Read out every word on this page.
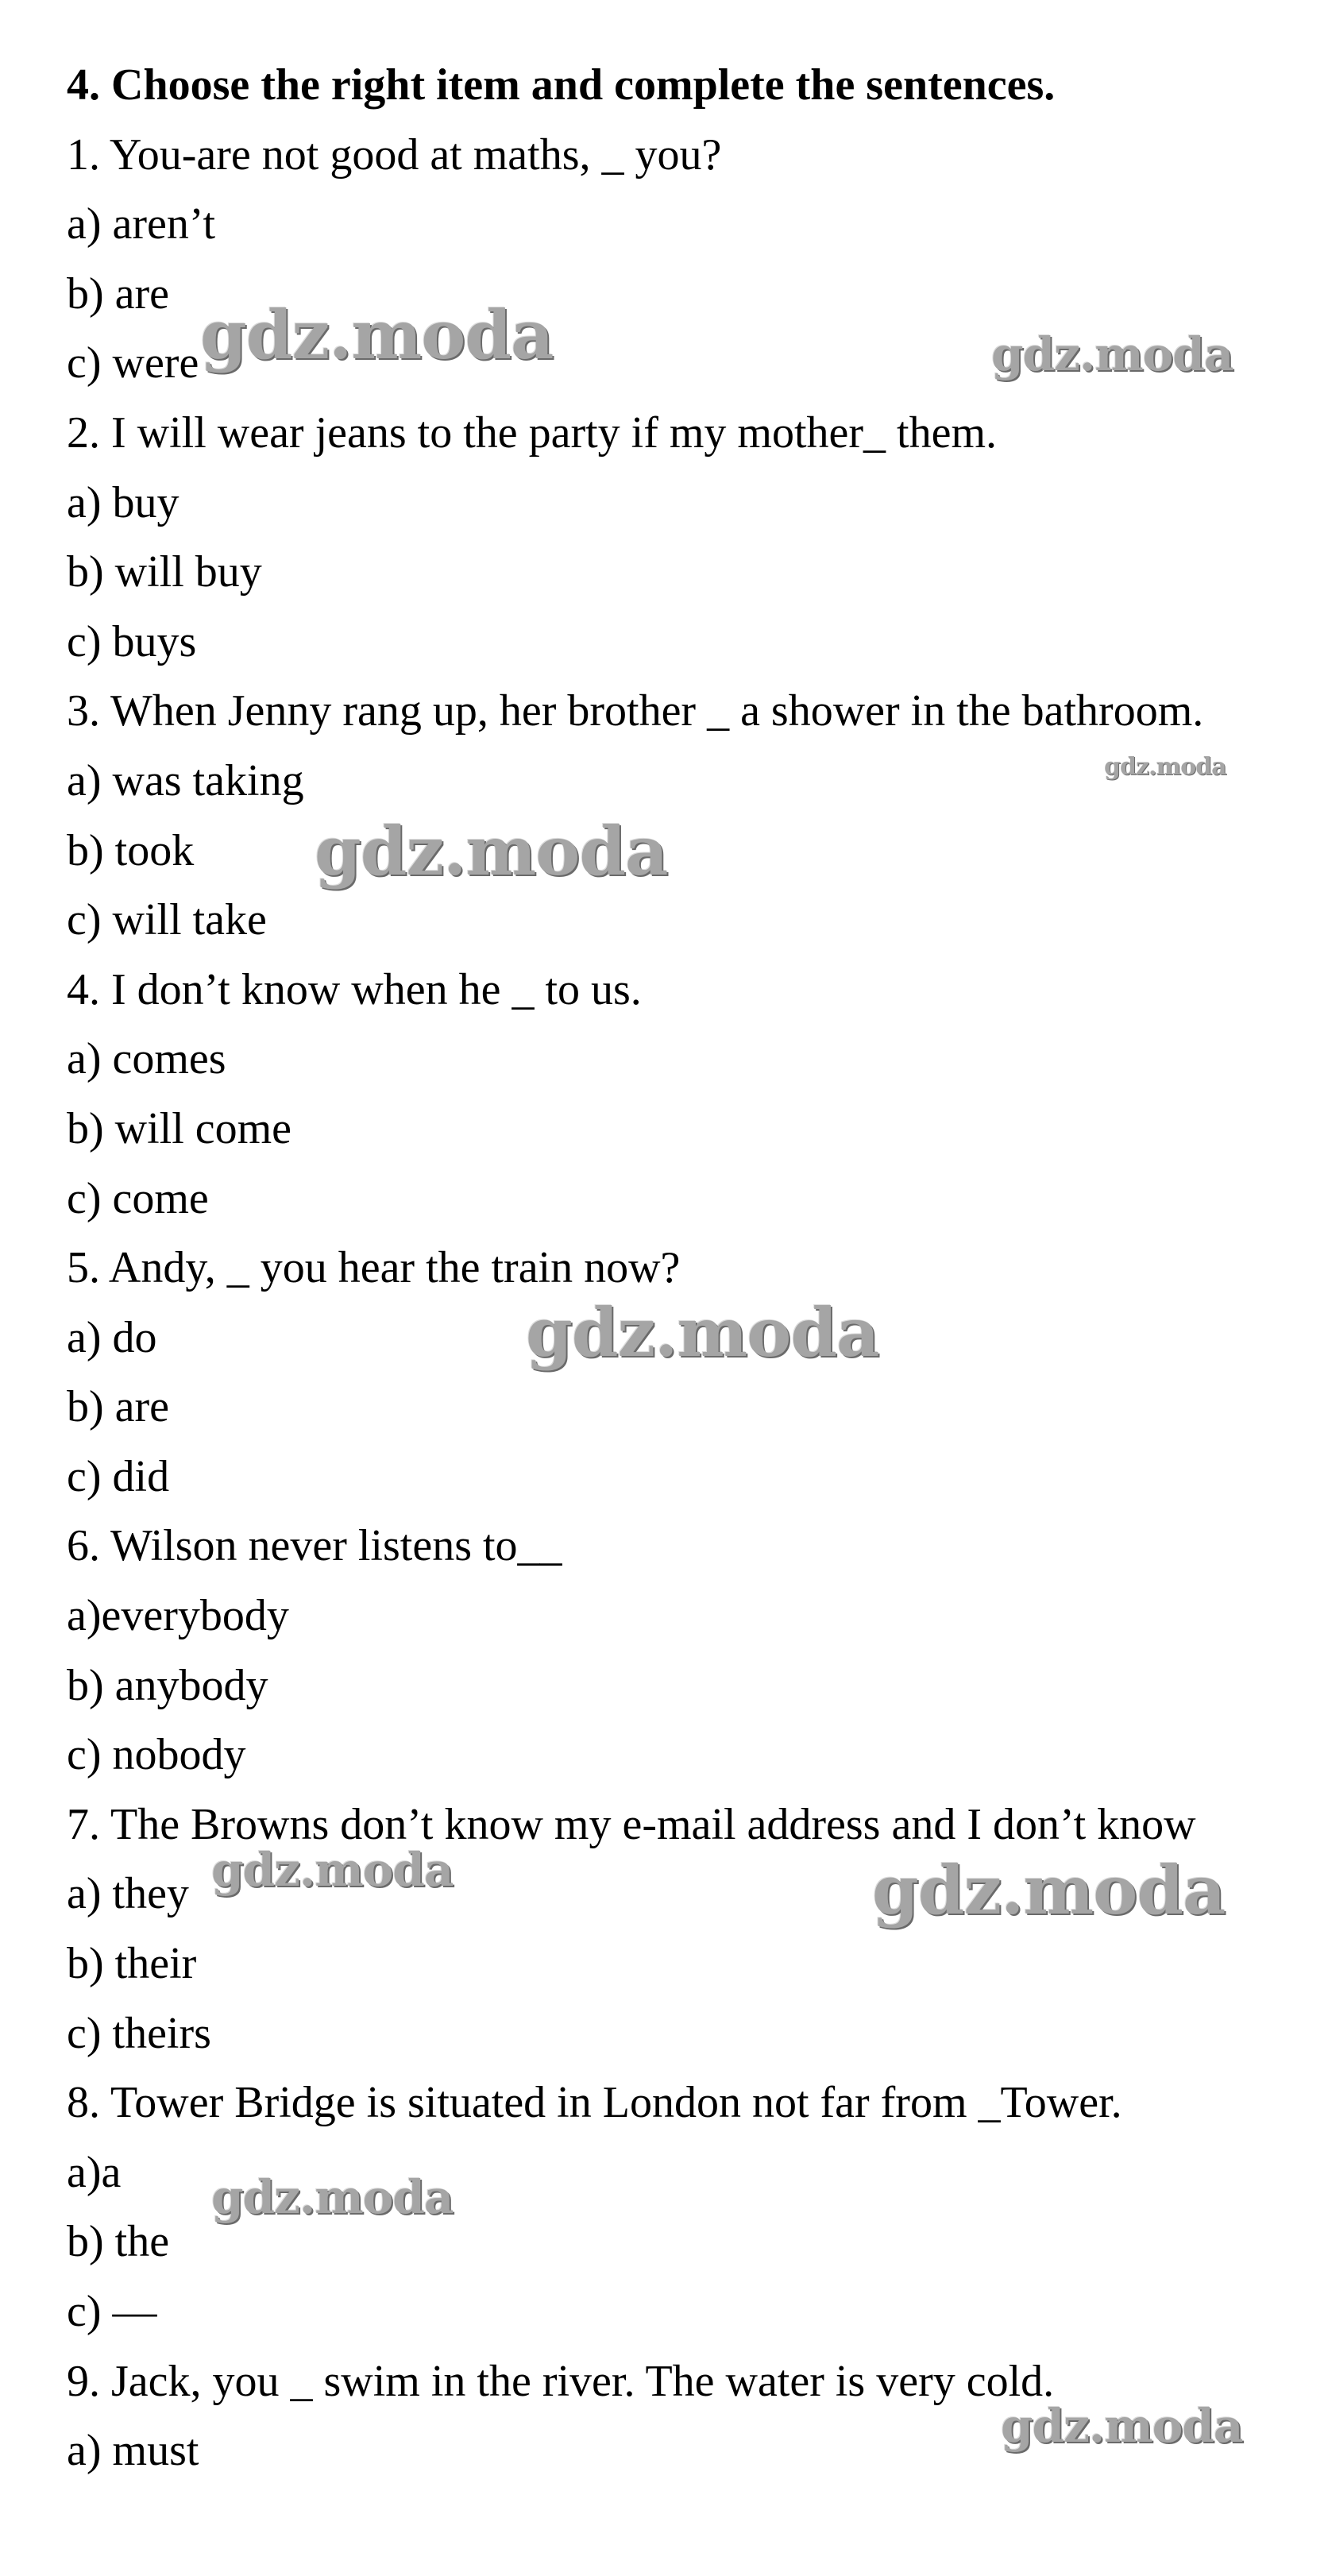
4. Choose the right item and complete the sentences.
1. You-are not good at maths, _ you?
a) aren’t
b) are
c) were
2. I will wear jeans to the party if my mother_ them.
a) buy
b) will buy
c) buys
3. When Jenny rang up, her brother _ a shower in the bathroom.
a) was taking
b) took
c) will take
4. I don’t know when he _ to us.
a) comes
b) will come
c) come
5. Andy, _ you hear the train now?
a) do
b) are
c) did
6. Wilson never listens to__
a)everybody
b) anybody
c) nobody
7. The Browns don’t know my e-mail address and I don’t know
a) they
b) their
c) theirs
8. Tower Bridge is situated in London not far from _Tower.
a)a
b) the
c) —
9. Jack, you _ swim in the river. The water is very cold.
a) must
gdz.moda	gdz.moda
gdz.moda
gdz.moda
gdz.moda
gdz.moda	gdz.moda
gdz.moda
gdz.moda
